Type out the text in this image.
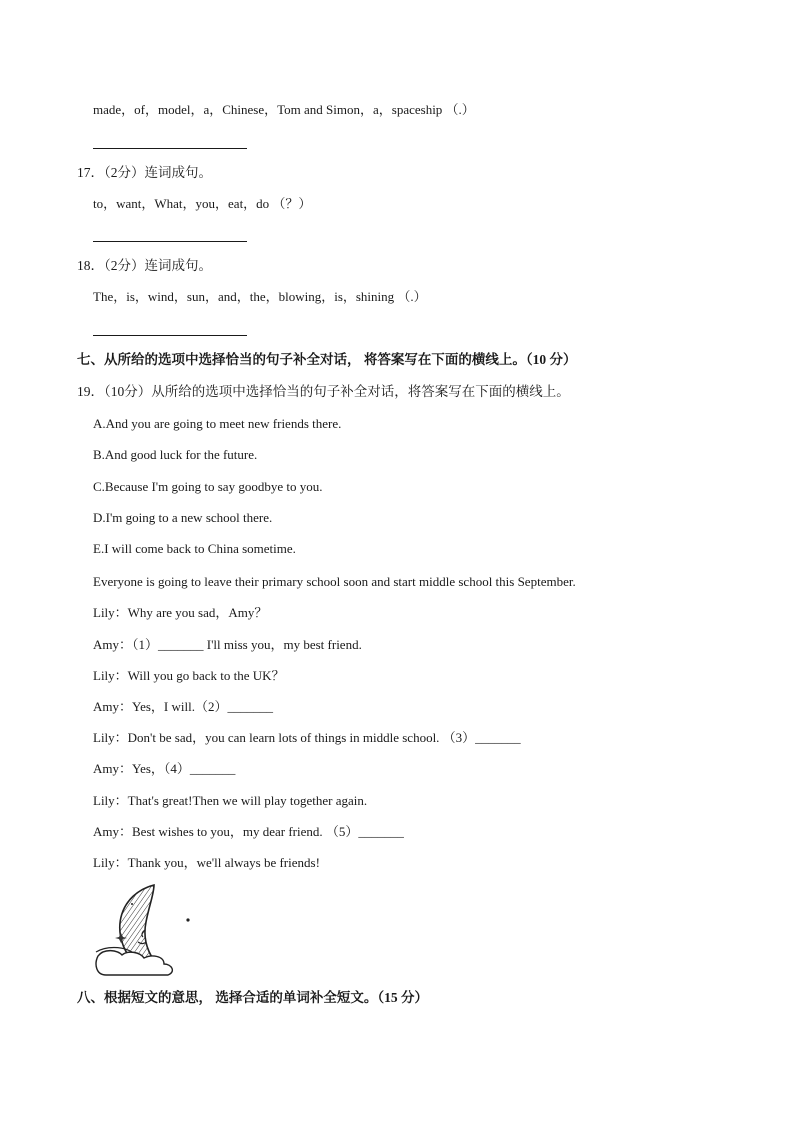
made，of，model，a，Chinese，Tom and Simon，a，spaceship （.）
17．（2分）连词成句。
to，want，What，you，eat，do （？）
18．（2分）连词成句。
The，is，wind，sun，and，the，blowing，is，shining （.）
七、从所给的选项中选择恰当的句子补全对话， 将答案写在下面的横线上。（10 分）
19．（10分）从所给的选项中选择恰当的句子补全对话，将答案写在下面的横线上。
A.And you are going to meet new friends there.
B.And good luck for the future.
C.Because I'm going to say goodbye to you.
D.I'm going to a new school there.
E.I will come back to China sometime.
Everyone is going to leave their primary school soon and start middle school this September.
Lily：Why are you sad，Amy？
Amy：（1）_______ I'll miss you，my best friend.
Lily：Will you go back to the UK？
Amy：Yes，I will.（2）_______
Lily：Don't be sad，you can learn lots of things in middle school. （3）_______
Amy：Yes，（4）_______
Lily：That's great!Then we will play together again.
Amy：Best wishes to you，my dear friend. （5）_______
Lily：Thank you，we'll always be friends!
八、根据短文的意思， 选择合适的单词补全短文。（15 分）
